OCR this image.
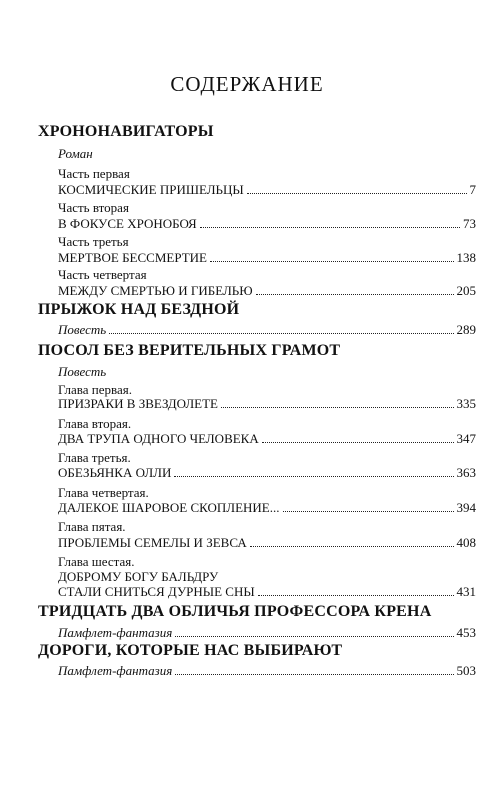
СОДЕРЖАНИЕ
ХРОНОНАВИГАТОРЫ
Роман
Часть первая
КОСМИЧЕСКИЕ ПРИШЕЛЬЦЫ	7
Часть вторая
В ФОКУСЕ ХРОНОБОЯ	73
Часть третья
МЕРТВОЕ БЕССМЕРТИЕ	138
Часть четвертая
МЕЖДУ СМЕРТЬЮ И ГИБЕЛЬЮ	205
ПРЫЖОК НАД БЕЗДНОЙ
Повесть	289
ПОСОЛ БЕЗ ВЕРИТЕЛЬНЫХ ГРАМОТ
Повесть
Глава первая.
ПРИЗРАКИ В ЗВЕЗДОЛЕТЕ	335
Глава вторая.
ДВА ТРУПА ОДНОГО ЧЕЛОВЕКА	347
Глава третья.
ОБЕЗЬЯНКА ОЛЛИ	363
Глава четвертая.
ДАЛЕКОЕ ШАРОВОЕ СКОПЛЕНИЕ...	394
Глава пятая.
ПРОБЛЕМЫ СЕМЕЛЫ И ЗЕВСА	408
Глава шестая.
ДОБРОМУ БОГУ БАЛЬДРУ
СТАЛИ СНИТЬСЯ ДУРНЫЕ СНЫ	431
ТРИДЦАТЬ ДВА ОБЛИЧЬЯ ПРОФЕССОРА КРЕНА
Памфлет-фантазия	453
ДОРОГИ, КОТОРЫЕ НАС ВЫБИРАЮТ
Памфлет-фантазия	503
